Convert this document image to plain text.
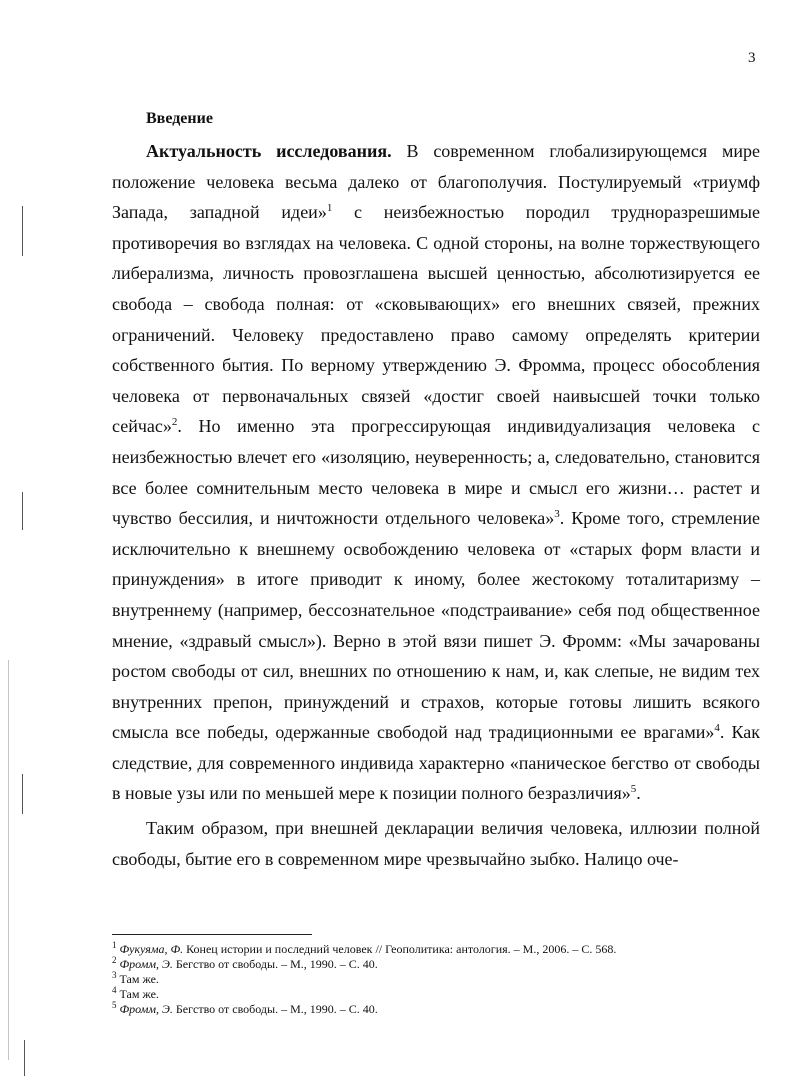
3
Введение

Актуальность исследования. В современном глобализирующемся мире положение человека весьма далеко от благополучия. Постулируемый «триумф Запада, западной идеи»$^1$ с неизбежностью породил трудноразрешимые противоречия во взглядах на человека. С одной стороны, на волне торжествующего либерализма, личность провозглашена высшей ценностью, абсолютизируется ее свобода – свобода полная: от «сковывающих» его внешних связей, прежних ограничений. Человеку предоставлено право самому определять критерии собственного бытия. По верному утверждению Э. Фромма, процесс обособления человека от первоначальных связей «достиг своей наивысшей точки только сейчас»$^2$. Но именно эта прогрессирующая индивидуализация человека с неизбежностью влечет его «изоляцию, неуверенность; а, следовательно, становится все более сомнительным место человека в мире и смысл его жизни… растет и чувство бессилия, и ничтожности отдельного человека»$^3$. Кроме того, стремление исключительно к внешнему освобождению человека от «старых форм власти и принуждения» в итоге приводит к иному, более жестокому тоталитаризму – внутреннему (например, бессознательное «подстраивание» себя под общественное мнение, «здравый смысл»). Верно в этой вязи пишет Э. Фромм: «Мы зачарованы ростом свободы от сил, внешних по отношению к нам, и, как слепые, не видим тех внутренних препон, принуждений и страхов, которые готовы лишить всякого смысла все победы, одержанные свободой над традиционными ее врагами»$^4$. Как следствие, для современного индивида характерно «паническое бегство от свободы в новые узы или по меньшей мере к позиции полного безразличия»$^5$.

Таким образом, при внешней декларации величия человека, иллюзии полной свободы, бытие его в современном мире чрезвычайно зыбко. Налицо оче-

$^1$ Фукуяма, Ф. Конец истории и последний человек // Геополитика: антология. – М., 2006. – С. 568.

$^2$ Фромм, Э. Бегство от свободы. – М., 1990. – С. 40.

$^3$ Там же.

$^4$ Там же.

$^5$ Фромм, Э. Бегство от свободы. – М., 1990. – С. 40.
